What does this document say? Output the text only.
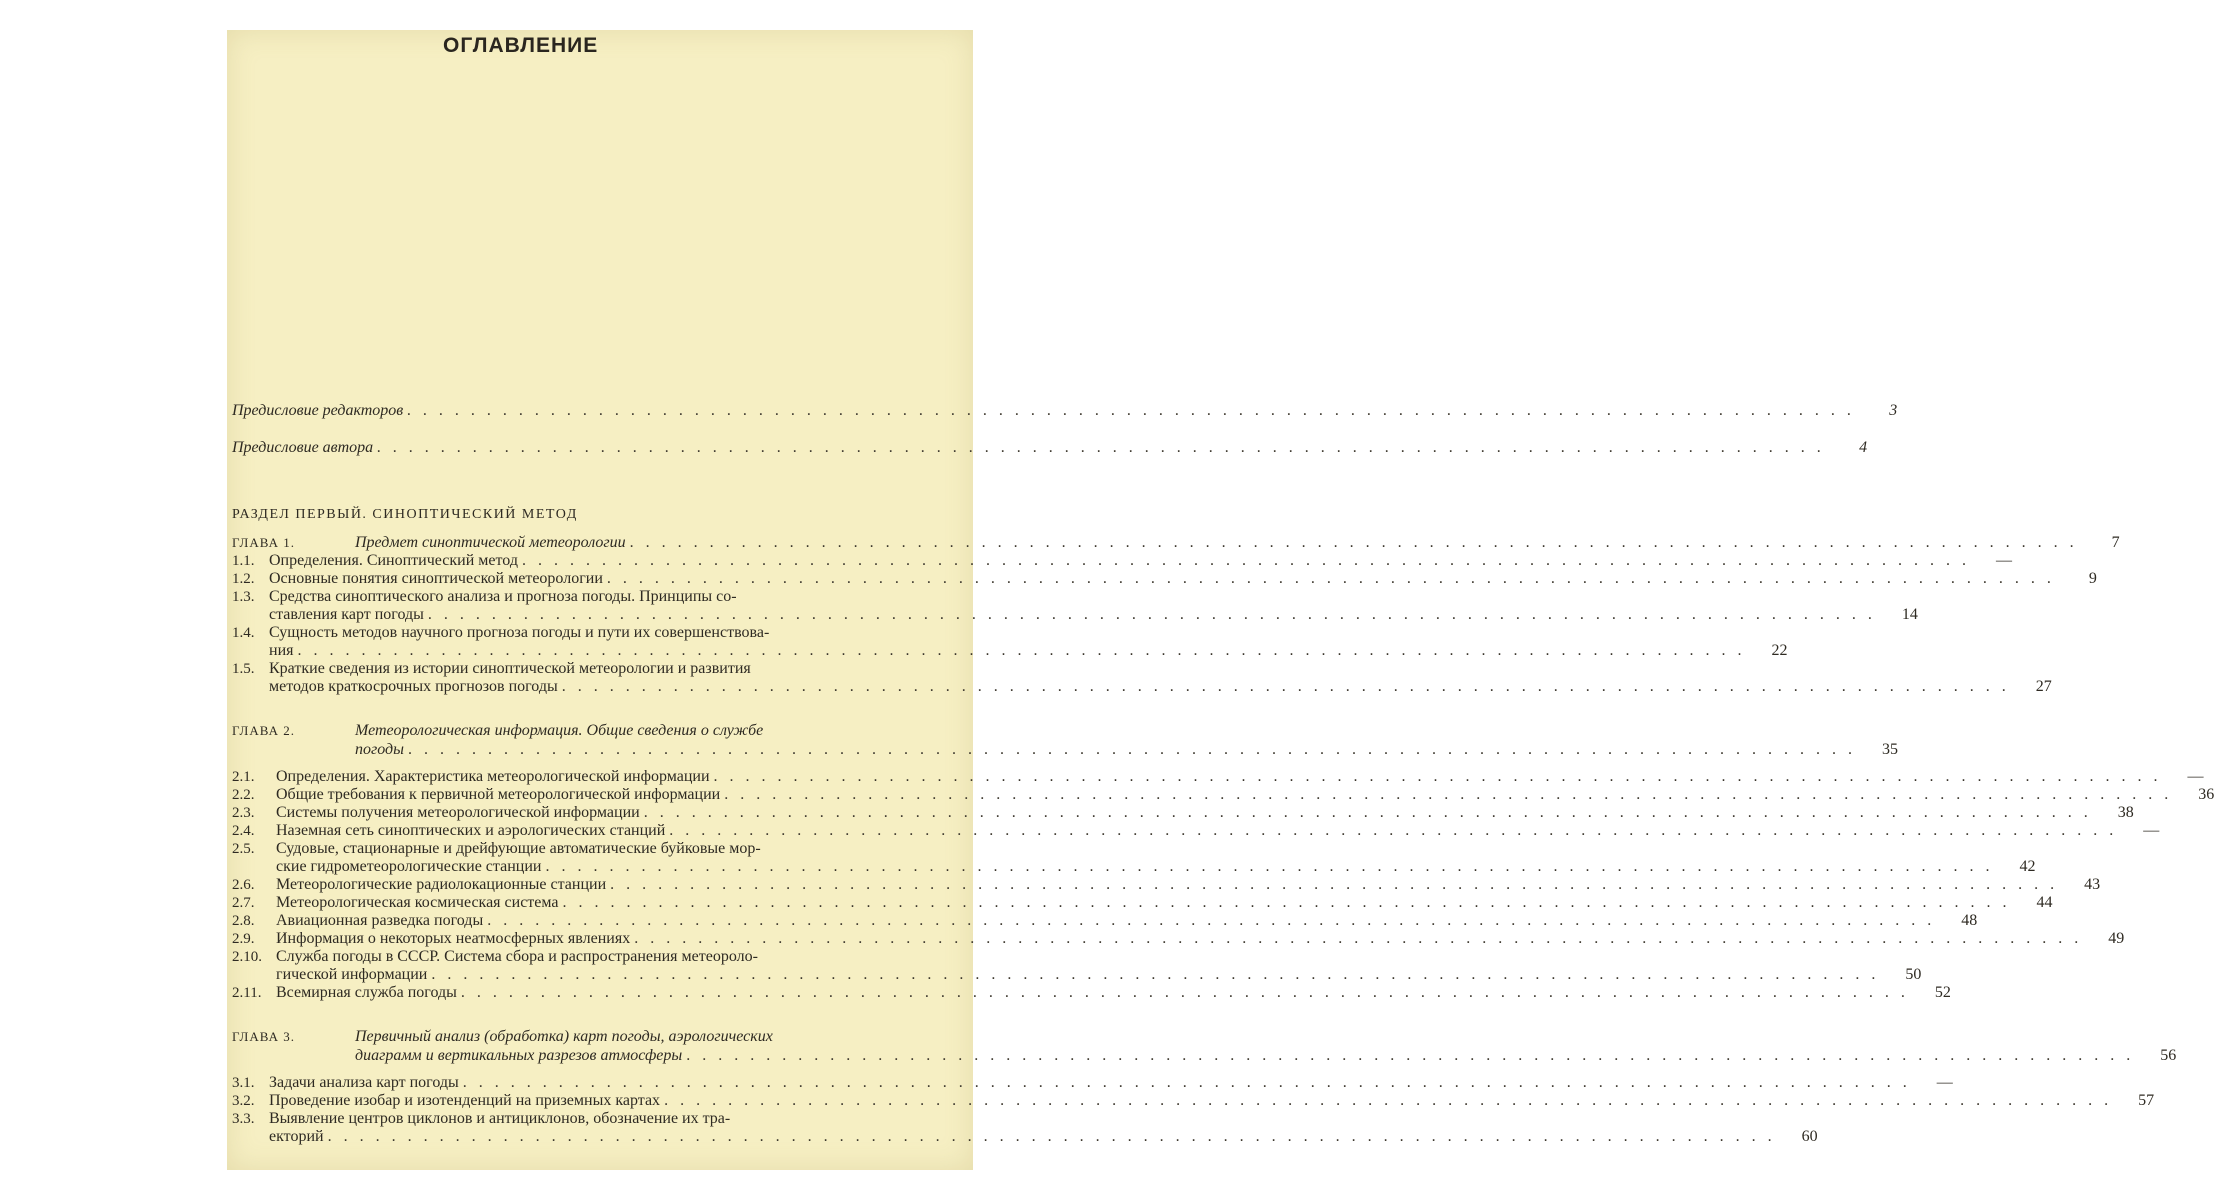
ОГЛАВЛЕНИЕ
Предисловие редакторов . . .	3
Предисловие автора . . .	4
РАЗДЕЛ ПЕРВЫЙ. СИНОПТИЧЕСКИЙ МЕТОД
ГЛАВА 1.	Предмет синоптической метеорологии . . .	7
1.1. Определения. Синоптический метод . . .	—
1.2. Основные понятия синоптической метеорологии . . .	9
1.3. Средства синоптического анализа и прогноза погоды. Принципы со-
ставления карт погоды . . .	14
1.4. Сущность методов научного прогноза погоды и пути их совершенствова-
ния . . .	22
1.5. Краткие сведения из истории синоптической метеорологии и развития
методов краткосрочных прогнозов погоды . . .	27
ГЛАВА 2.	Метеорологическая информация. Общие сведения о службе
погоды . . .	35
2.1.	Определения. Характеристика метеорологической информации . . .	—
2.2.	Общие требования к первичной метеорологической информации . . .	36
2.3.	Системы получения метеорологической информации . . .	38
2.4.	Наземная сеть синоптических и аэрологических станций . . .	—
2.5.	Судовые, стационарные и дрейфующие автоматические буйковые мор-
ские гидрометеорологические станции . . .	42
2.6.	Метеорологические радиолокационные станции . . .	43
2.7.	Метеорологическая космическая система . . .	44
2.8.	Авиационная разведка погоды . . .	48
2.9.	Информация о некоторых неатмосферных явлениях . . .	49
2.10. Служба погоды в СССР. Система сбора и распространения метеороло-
гической информации . . .	50
2.11. Всемирная служба погоды . . .	52
ГЛАВА 3.	Первичный анализ (обработка) карт погоды, аэрологических
диаграмм и вертикальных разрезов атмосферы . . .	56
3.1. Задачи анализа карт погоды . . .	—
3.2. Проведение изобар и изотенденций на приземных картах . . .	57
3.3. Выявление центров циклонов и антициклонов, обозначение их тра-
екторий . . .	60
